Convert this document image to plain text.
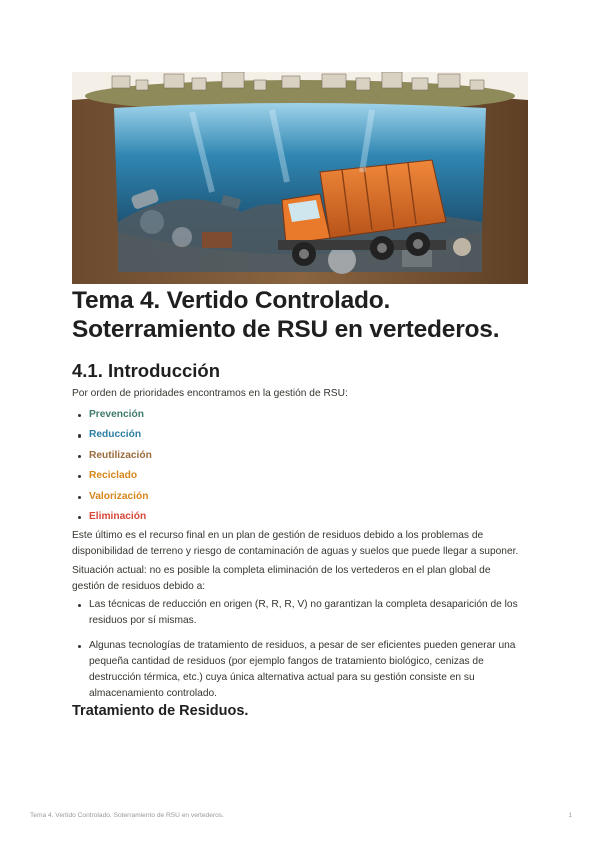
Tema 4. Vertido Controlado.
Soterramiento de RSU en vertederos.
4.1. Introducción

Por orden de prioridades encontramos en la gestión de RSU:

Prevención
Reducción
Reutilización
Reciclado
Valorización
Eliminación

Este último es el recurso final en un plan de gestión de residuos debido a los problemas de
disponibilidad de terreno y riesgo de contaminación de aguas y suelos que puede llegar a suponer.

Situación actual: no es posible la completa eliminación de los vertederos en el plan global de
gestión de residuos debido a:

Las técnicas de reducción en origen (R, R, R, V) no garantizan la completa desaparición de los
residuos por sí mismas.
Algunas tecnologías de tratamiento de residuos, a pesar de ser eficientes pueden generar una
pequeña cantidad de residuos (por ejemplo fangos de tratamiento biológico, cenizas de
destrucción térmica, etc.) cuya única alternativa actual para su gestión consiste en su
almacenamiento controlado.
Tratamiento de Residuos.
Tema 4. Vertido Controlado. Soterramiento de RSU en vertederos.	1
